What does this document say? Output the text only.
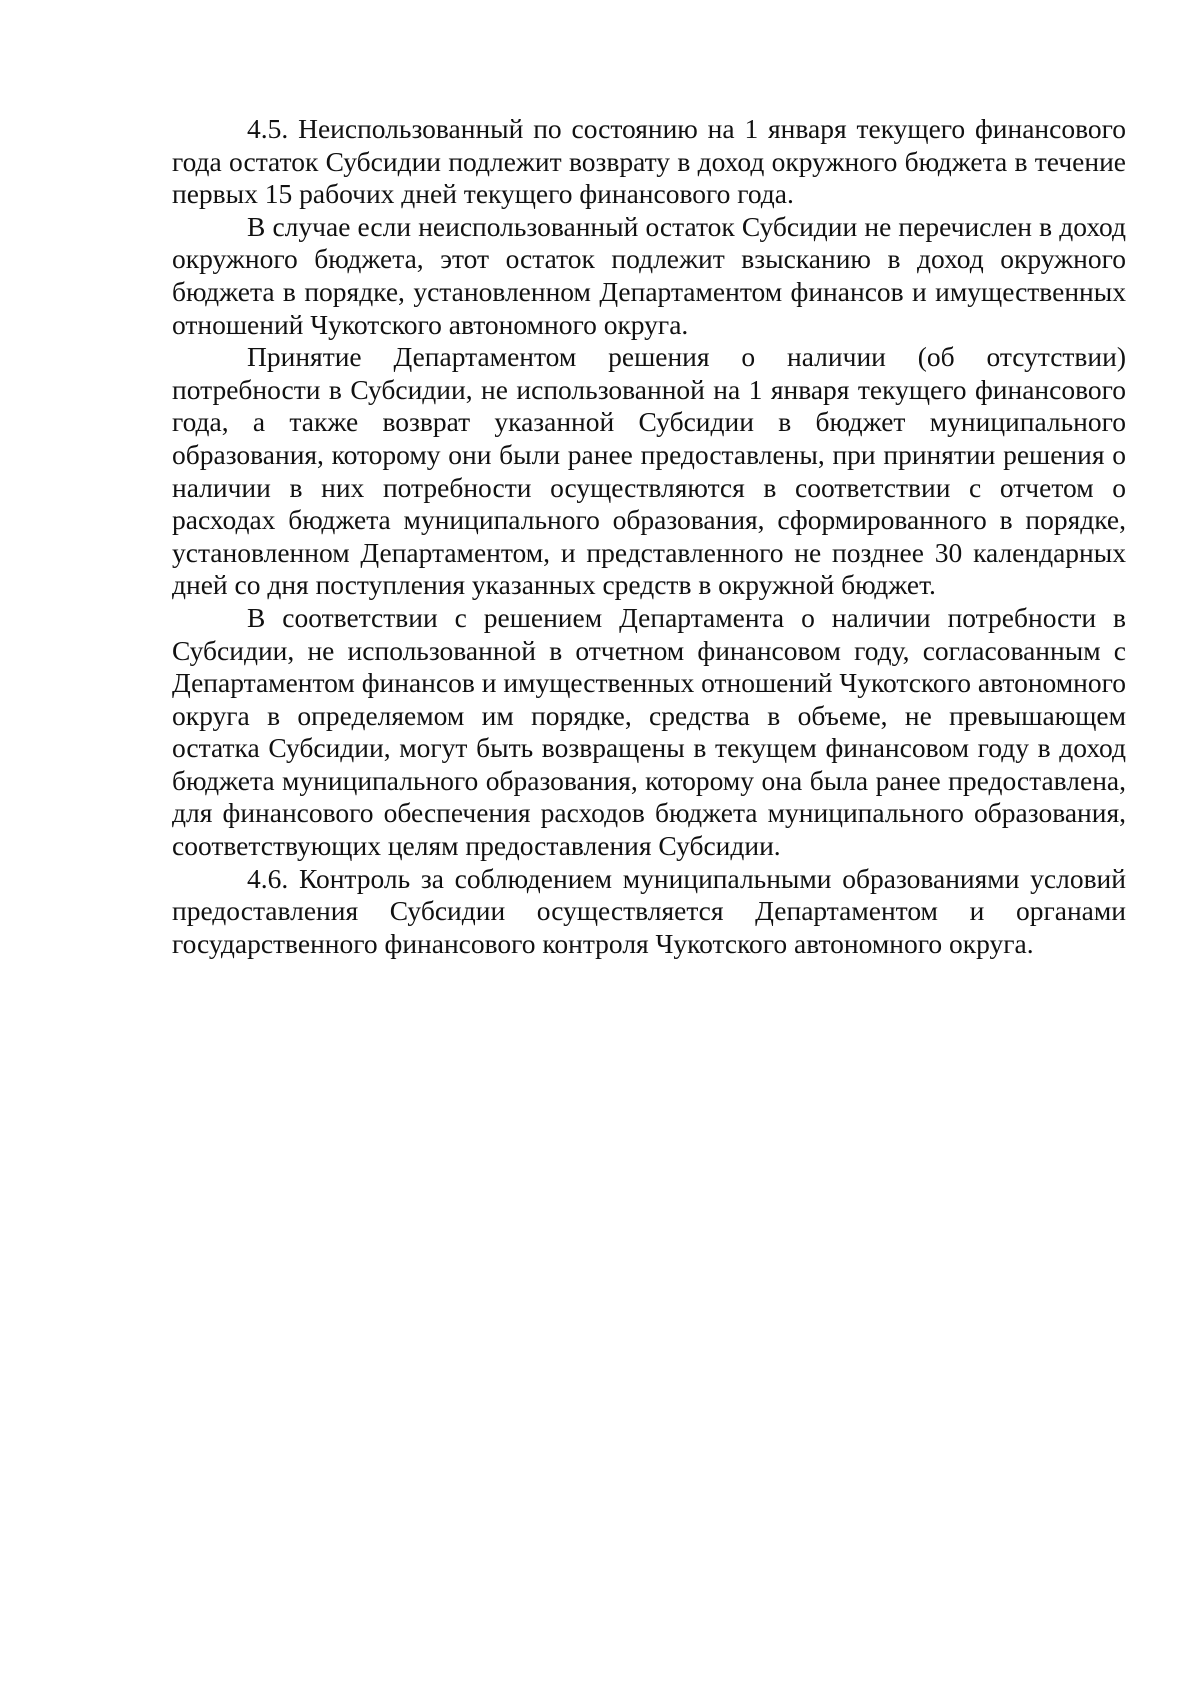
4.5. Неиспользованный по состоянию на 1 января текущего финансового года остаток Субсидии подлежит возврату в доход окружного бюджета в течение первых 15 рабочих дней текущего финансового года.

В случае если неиспользованный остаток Субсидии не перечислен в доход окружного бюджета, этот остаток подлежит взысканию в доход окружного бюджета в порядке, установленном Департаментом финансов и имущественных отношений Чукотского автономного округа.

Принятие Департаментом решения о наличии (об отсутствии) потребности в Субсидии, не использованной на 1 января текущего финансового года, а также возврат указанной Субсидии в бюджет муниципального образования, которому они были ранее предоставлены, при принятии решения о наличии в них потребности осуществляются в соответствии с отчетом о расходах бюджета муниципального образования, сформированного в порядке, установленном Департаментом, и представленного не позднее 30 календарных дней со дня поступления указанных средств в окружной бюджет.

В соответствии с решением Департамента о наличии потребности в Субсидии, не использованной в отчетном финансовом году, согласованным с Департаментом финансов и имущественных отношений Чукотского автономного округа в определяемом им порядке, средства в объеме, не превышающем остатка Субсидии, могут быть возвращены в текущем финансовом году в доход бюджета муниципального образования, которому она была ранее предоставлена, для финансового обеспечения расходов бюджета муниципального образования, соответствующих целям предоставления Субсидии.

4.6. Контроль за соблюдением муниципальными образованиями условий предоставления Субсидии осуществляется Департаментом и органами государственного финансового контроля Чукотского автономного округа.
